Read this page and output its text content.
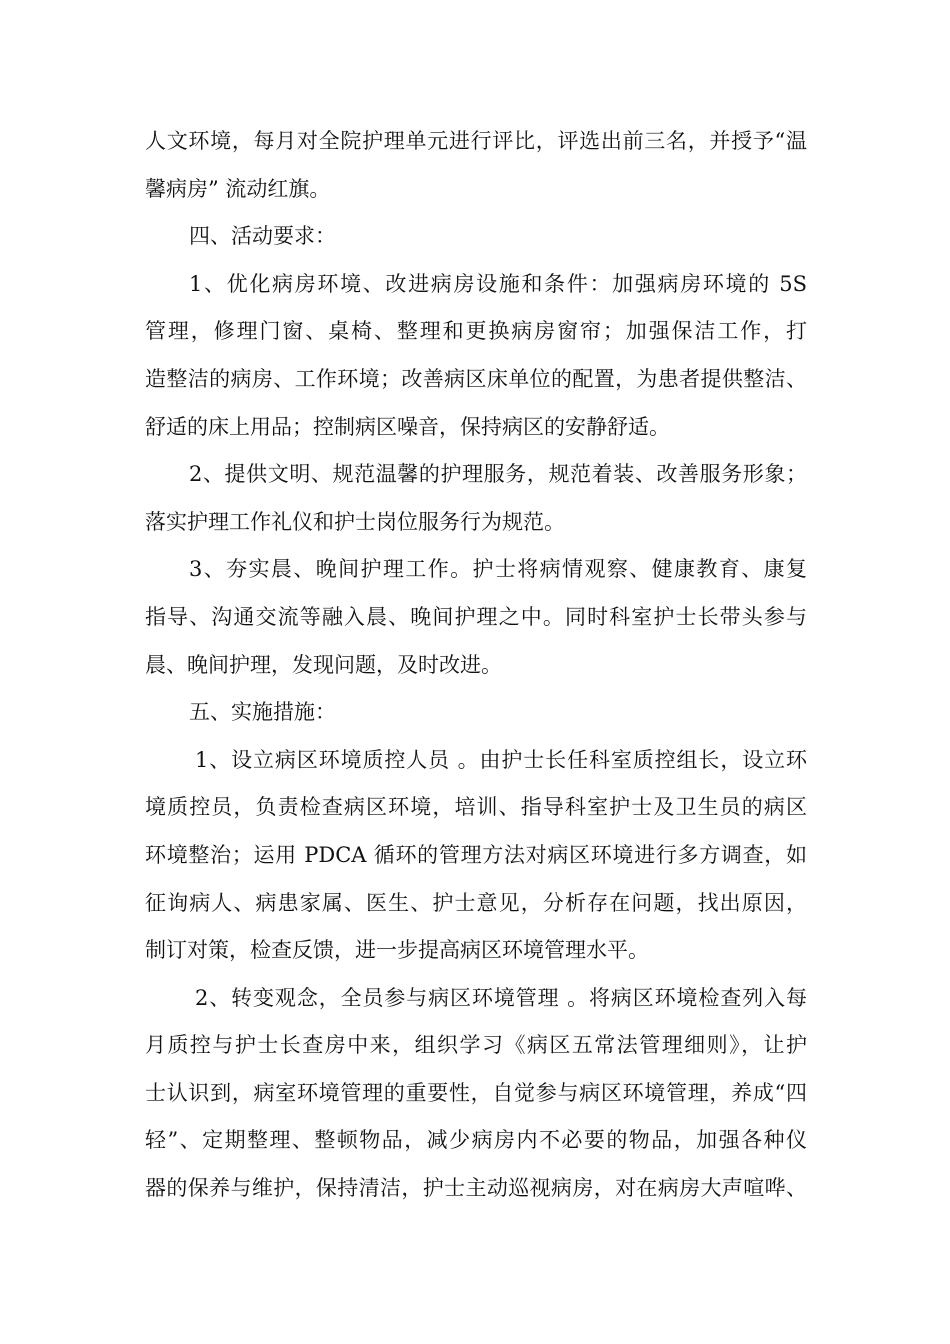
人文环境，每月对全院护理单元进行评比，评选出前三名，并授予“温
馨病房” 流动红旗。
四、活动要求：
1、优化病房环境、改进病房设施和条件：加强病房环境的 5S
管理，修理门窗、桌椅、整理和更换病房窗帘；加强保洁工作，打
造整洁的病房、工作环境；改善病区床单位的配置，为患者提供整洁、
舒适的床上用品；控制病区噪音，保持病区的安静舒适。
2、提供文明、规范温馨的护理服务，规范着装、改善服务形象；
落实护理工作礼仪和护士岗位服务行为规范。
3、夯实晨、晚间护理工作。护士将病情观察、健康教育、康复
指导、沟通交流等融入晨、晚间护理之中。同时科室护士长带头参与
晨、晚间护理，发现问题，及时改进。
五、实施措施：
1、设立病区环境质控人员 。由护士长任科室质控组长，设立环
境质控员，负责检查病区环境，培训、指导科室护士及卫生员的病区
环境整治；运用 PDCA 循环的管理方法对病区环境进行多方调查，如
征询病人、病患家属、医生、护士意见，分析存在问题，找出原因，
制订对策，检查反馈，进一步提高病区环境管理水平。
2、转变观念，全员参与病区环境管理 。将病区环境检查列入每
月质控与护士长查房中来，组织学习《病区五常法管理细则》，让护
士认识到，病室环境管理的重要性，自觉参与病区环境管理，养成“四
轻”、定期整理、整顿物品，减少病房内不必要的物品，加强各种仪
器的保养与维护，保持清洁，护士主动巡视病房，对在病房大声喧哗、
